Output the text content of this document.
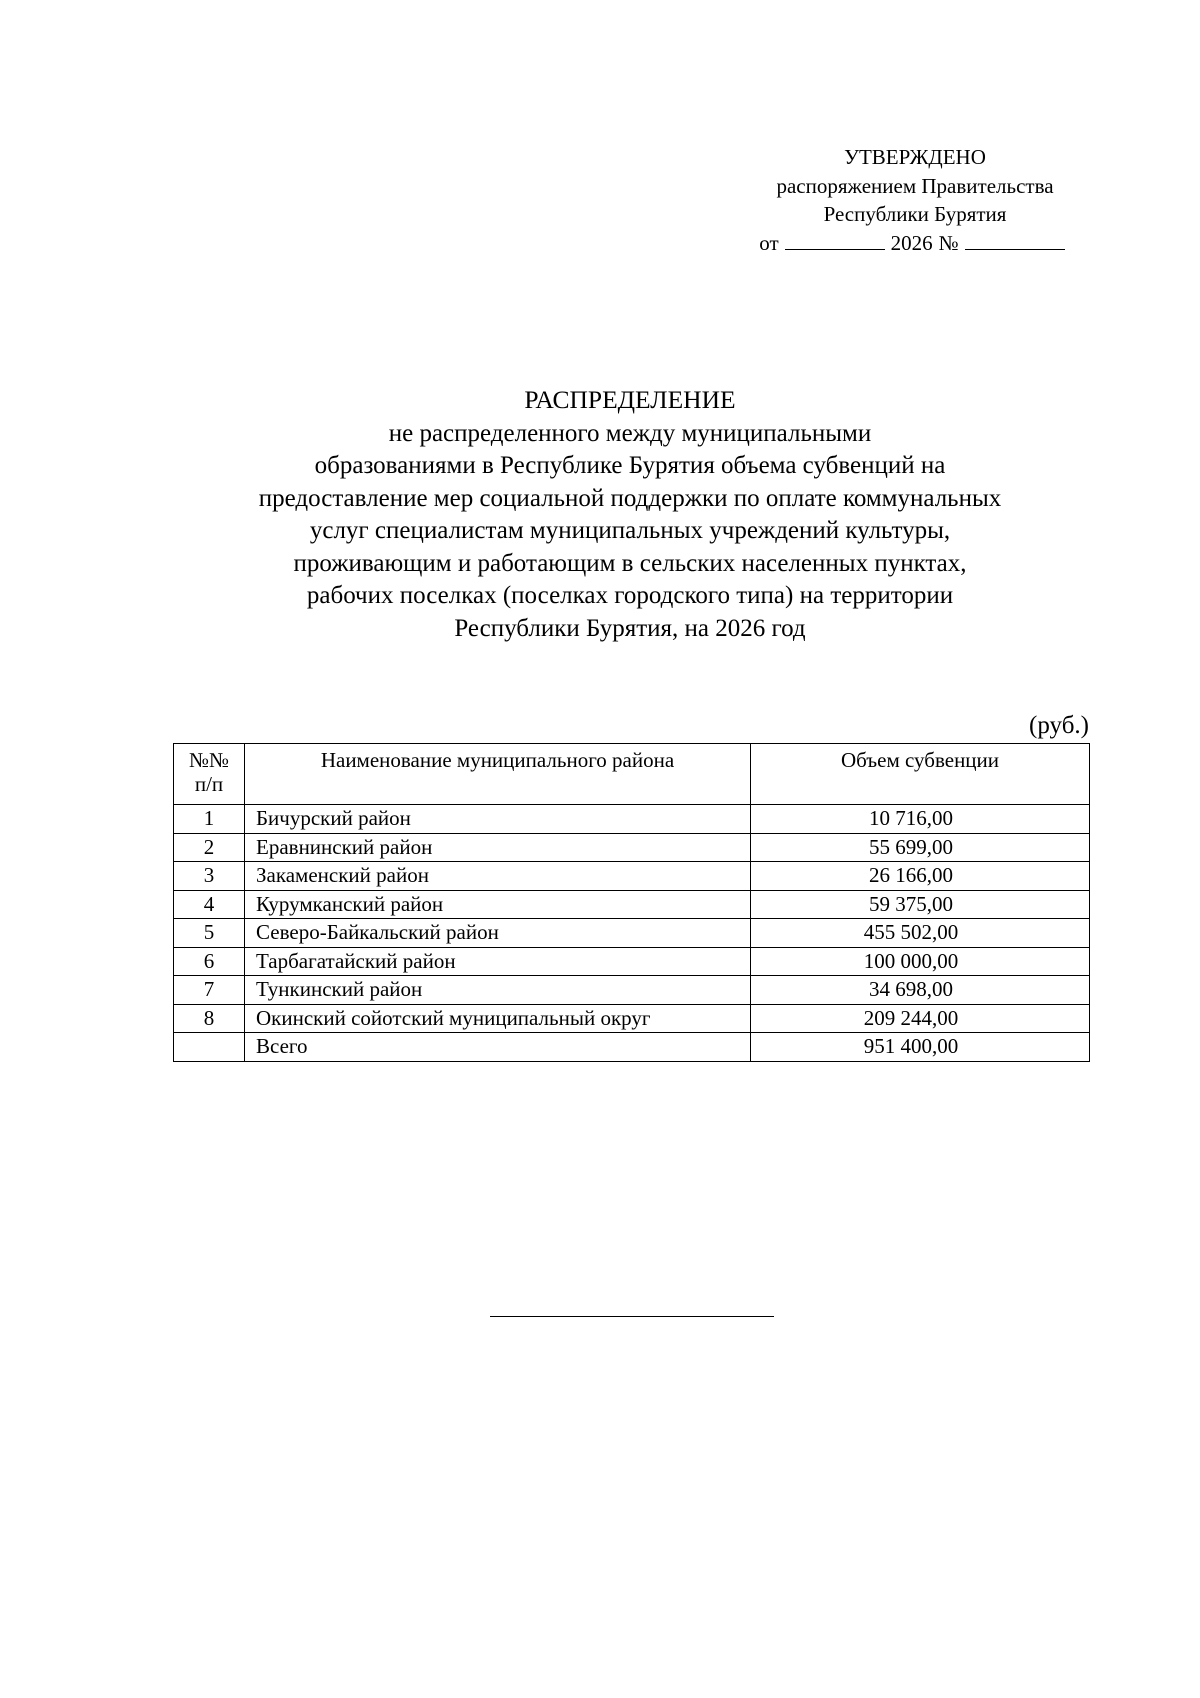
УТВЕРЖДЕНО
распоряжением Правительства
Республики Бурятия
от	2026 №
РАСПРЕДЕЛЕНИЕ
не распределенного между муниципальными
образованиями в Республике Бурятия объема субвенций на
предоставление мер социальной поддержки по оплате коммунальных
услуг специалистам муниципальных учреждений культуры,
проживающим и работающим в сельских населенных пунктах,
рабочих поселках (поселках городского типа) на территории
Республики Бурятия, на 2026 год
(руб.)
№№
п/п	Наименование муниципального района	Объем субвенции
1	Бичурский район	10 716,00
2	Еравнинский район	55 699,00
3	Закаменский район	26 166,00
4	Курумканский район	59 375,00
5	Северо-Байкальский район	455 502,00
6	Тарбагатайский район	100 000,00
7	Тункинский район	34 698,00
8	Окинский сойотский муниципальный округ	209 244,00
	Всего	951 400,00
